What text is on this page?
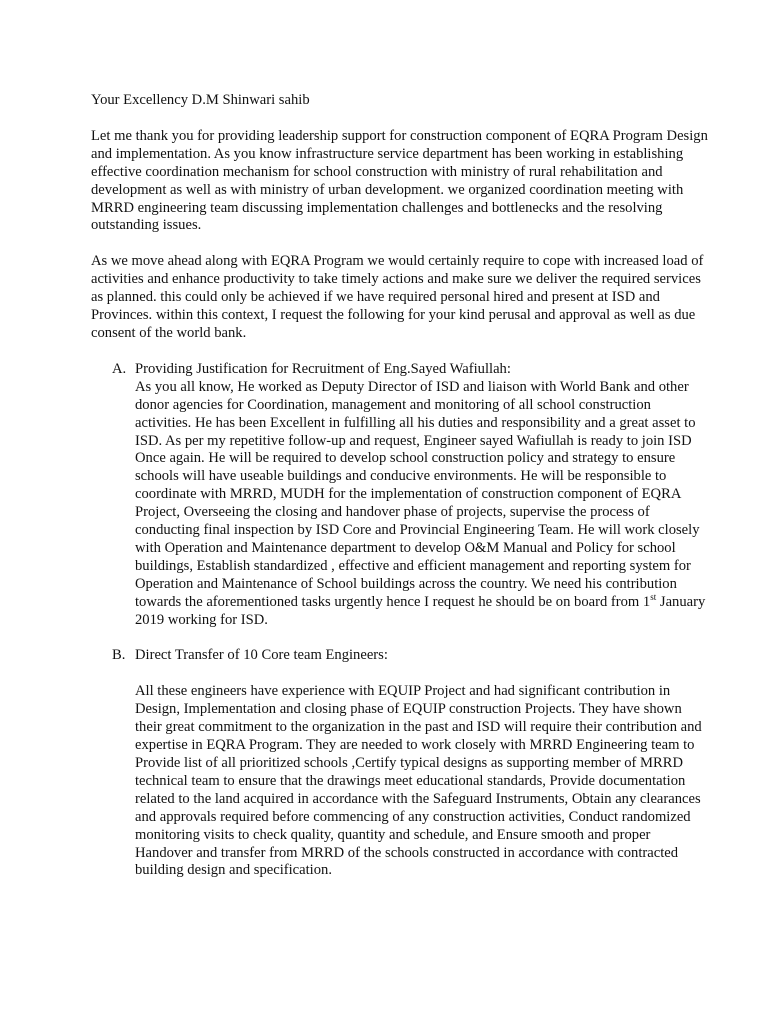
Your Excellency D.M Shinwari sahib

Let me thank you for providing leadership support for construction component of EQRA Program Design and implementation. As you know infrastructure service department has been working in establishing effective coordination mechanism for school construction with ministry of rural rehabilitation and development as well as with ministry of urban development. we organized coordination meeting with MRRD engineering team discussing implementation challenges and bottlenecks and the resolving outstanding issues.

As we move ahead along with EQRA Program we would certainly require to cope with increased load of activities and enhance productivity to take timely actions and make sure we deliver the required services as planned. this could only be achieved if we have required personal hired and present at ISD and Provinces. within this context, I request the following for your kind perusal and approval as well as due consent of the world bank.

A. Providing Justification for Recruitment of Eng.Sayed Wafiullah:

As you all know, He worked as Deputy Director of ISD and liaison with World Bank and other donor agencies for Coordination, management and monitoring of all school construction activities. He has been Excellent in fulfilling all his duties and responsibility and a great asset to ISD. As per my repetitive follow-up and request, Engineer sayed Wafiullah is ready to join ISD Once again. He will be required to develop school construction policy and strategy to ensure schools will have useable buildings and conducive environments. He will be responsible to coordinate with MRRD, MUDH for the implementation of construction component of EQRA Project, Overseeing the closing and handover phase of projects, supervise the process of conducting final inspection by ISD Core and Provincial Engineering Team. He will work closely with Operation and Maintenance department to develop O&M Manual and Policy for school buildings, Establish standardized , effective and efficient management and reporting system for Operation and Maintenance of School buildings across the country. We need his contribution towards the aforementioned tasks urgently hence I request he should be on board from 1st January 2019 working for ISD.

B. Direct Transfer of 10 Core team Engineers:

All these engineers have experience with EQUIP Project and had significant contribution in Design, Implementation and closing phase of EQUIP construction Projects. They have shown their great commitment to the organization in the past and ISD will require their contribution and expertise in EQRA Program. They are needed to work closely with MRRD Engineering team to Provide list of all prioritized schools ,Certify typical designs as supporting member of MRRD technical team to ensure that the drawings meet educational standards, Provide documentation related to the land acquired in accordance with the Safeguard Instruments, Obtain any clearances and approvals required before commencing of any construction activities, Conduct randomized monitoring visits to check quality, quantity and schedule, and Ensure smooth and proper Handover and transfer from MRRD of the schools constructed in accordance with contracted building design and specification.
